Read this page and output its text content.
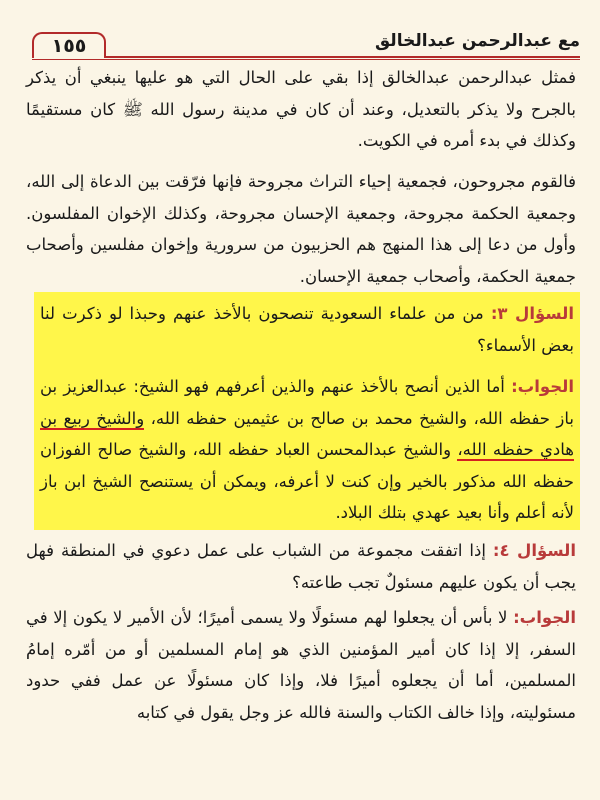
١٥٥	مع عبدالرحمن عبدالخالق

فمثل عبدالرحمن عبدالخالق إذا بقي على الحال التي هو عليها ينبغي أن يذكر بالجرح ولا يذكر بالتعديل، وعند أن كان في مدينة رسول الله ﷺ كان مستقيمًا وكذلك في بدء أمره في الكويت.

فالقوم مجروحون، فجمعية إحياء التراث مجروحة فإنها فرّقت بين الدعاة إلى الله، وجمعية الحكمة مجروحة، وجمعية الإحسان مجروحة، وكذلك الإخوان المفلسون. وأول من دعا إلى هذا المنهج هم الحزبيون من سرورية وإخوان مفلسين وأصحاب جمعية الحكمة، وأصحاب جمعية الإحسان.

السؤال ٣: من من علماء السعودية تنصحون بالأخذ عنهم وحبذا لو ذكرت لنا بعض الأسماء؟

الجواب: أما الذين أنصح بالأخذ عنهم والذين أعرفهم فهو الشيخ: عبدالعزيز بن باز حفظه الله، والشيخ محمد بن صالح بن عثيمين حفظه الله، والشيخ ربيع بن هادي حفظه الله، والشيخ عبدالمحسن العباد حفظه الله، والشيخ صالح الفوزان حفظه الله مذكور بالخير وإن كنت لا أعرفه، ويمكن أن يستنصح الشيخ ابن باز لأنه أعلم وأنا بعيد عهدي بتلك البلاد.

السؤال ٤: إذا اتفقت مجموعة من الشباب على عمل دعوي في المنطقة فهل يجب أن يكون عليهم مسئولٌ تجب طاعته؟

الجواب: لا بأس أن يجعلوا لهم مسئولًا ولا يسمى أميرًا؛ لأن الأمير لا يكون إلا في السفر، إلا إذا كان أمير المؤمنين الذي هو إمام المسلمين أو من أمّره إمامُ المسلمين، أما أن يجعلوه أميرًا فلا، وإذا كان مسئولًا عن عمل ففي حدود مسئوليته، وإذا خالف الكتاب والسنة فالله عز وجل يقول في كتابه
